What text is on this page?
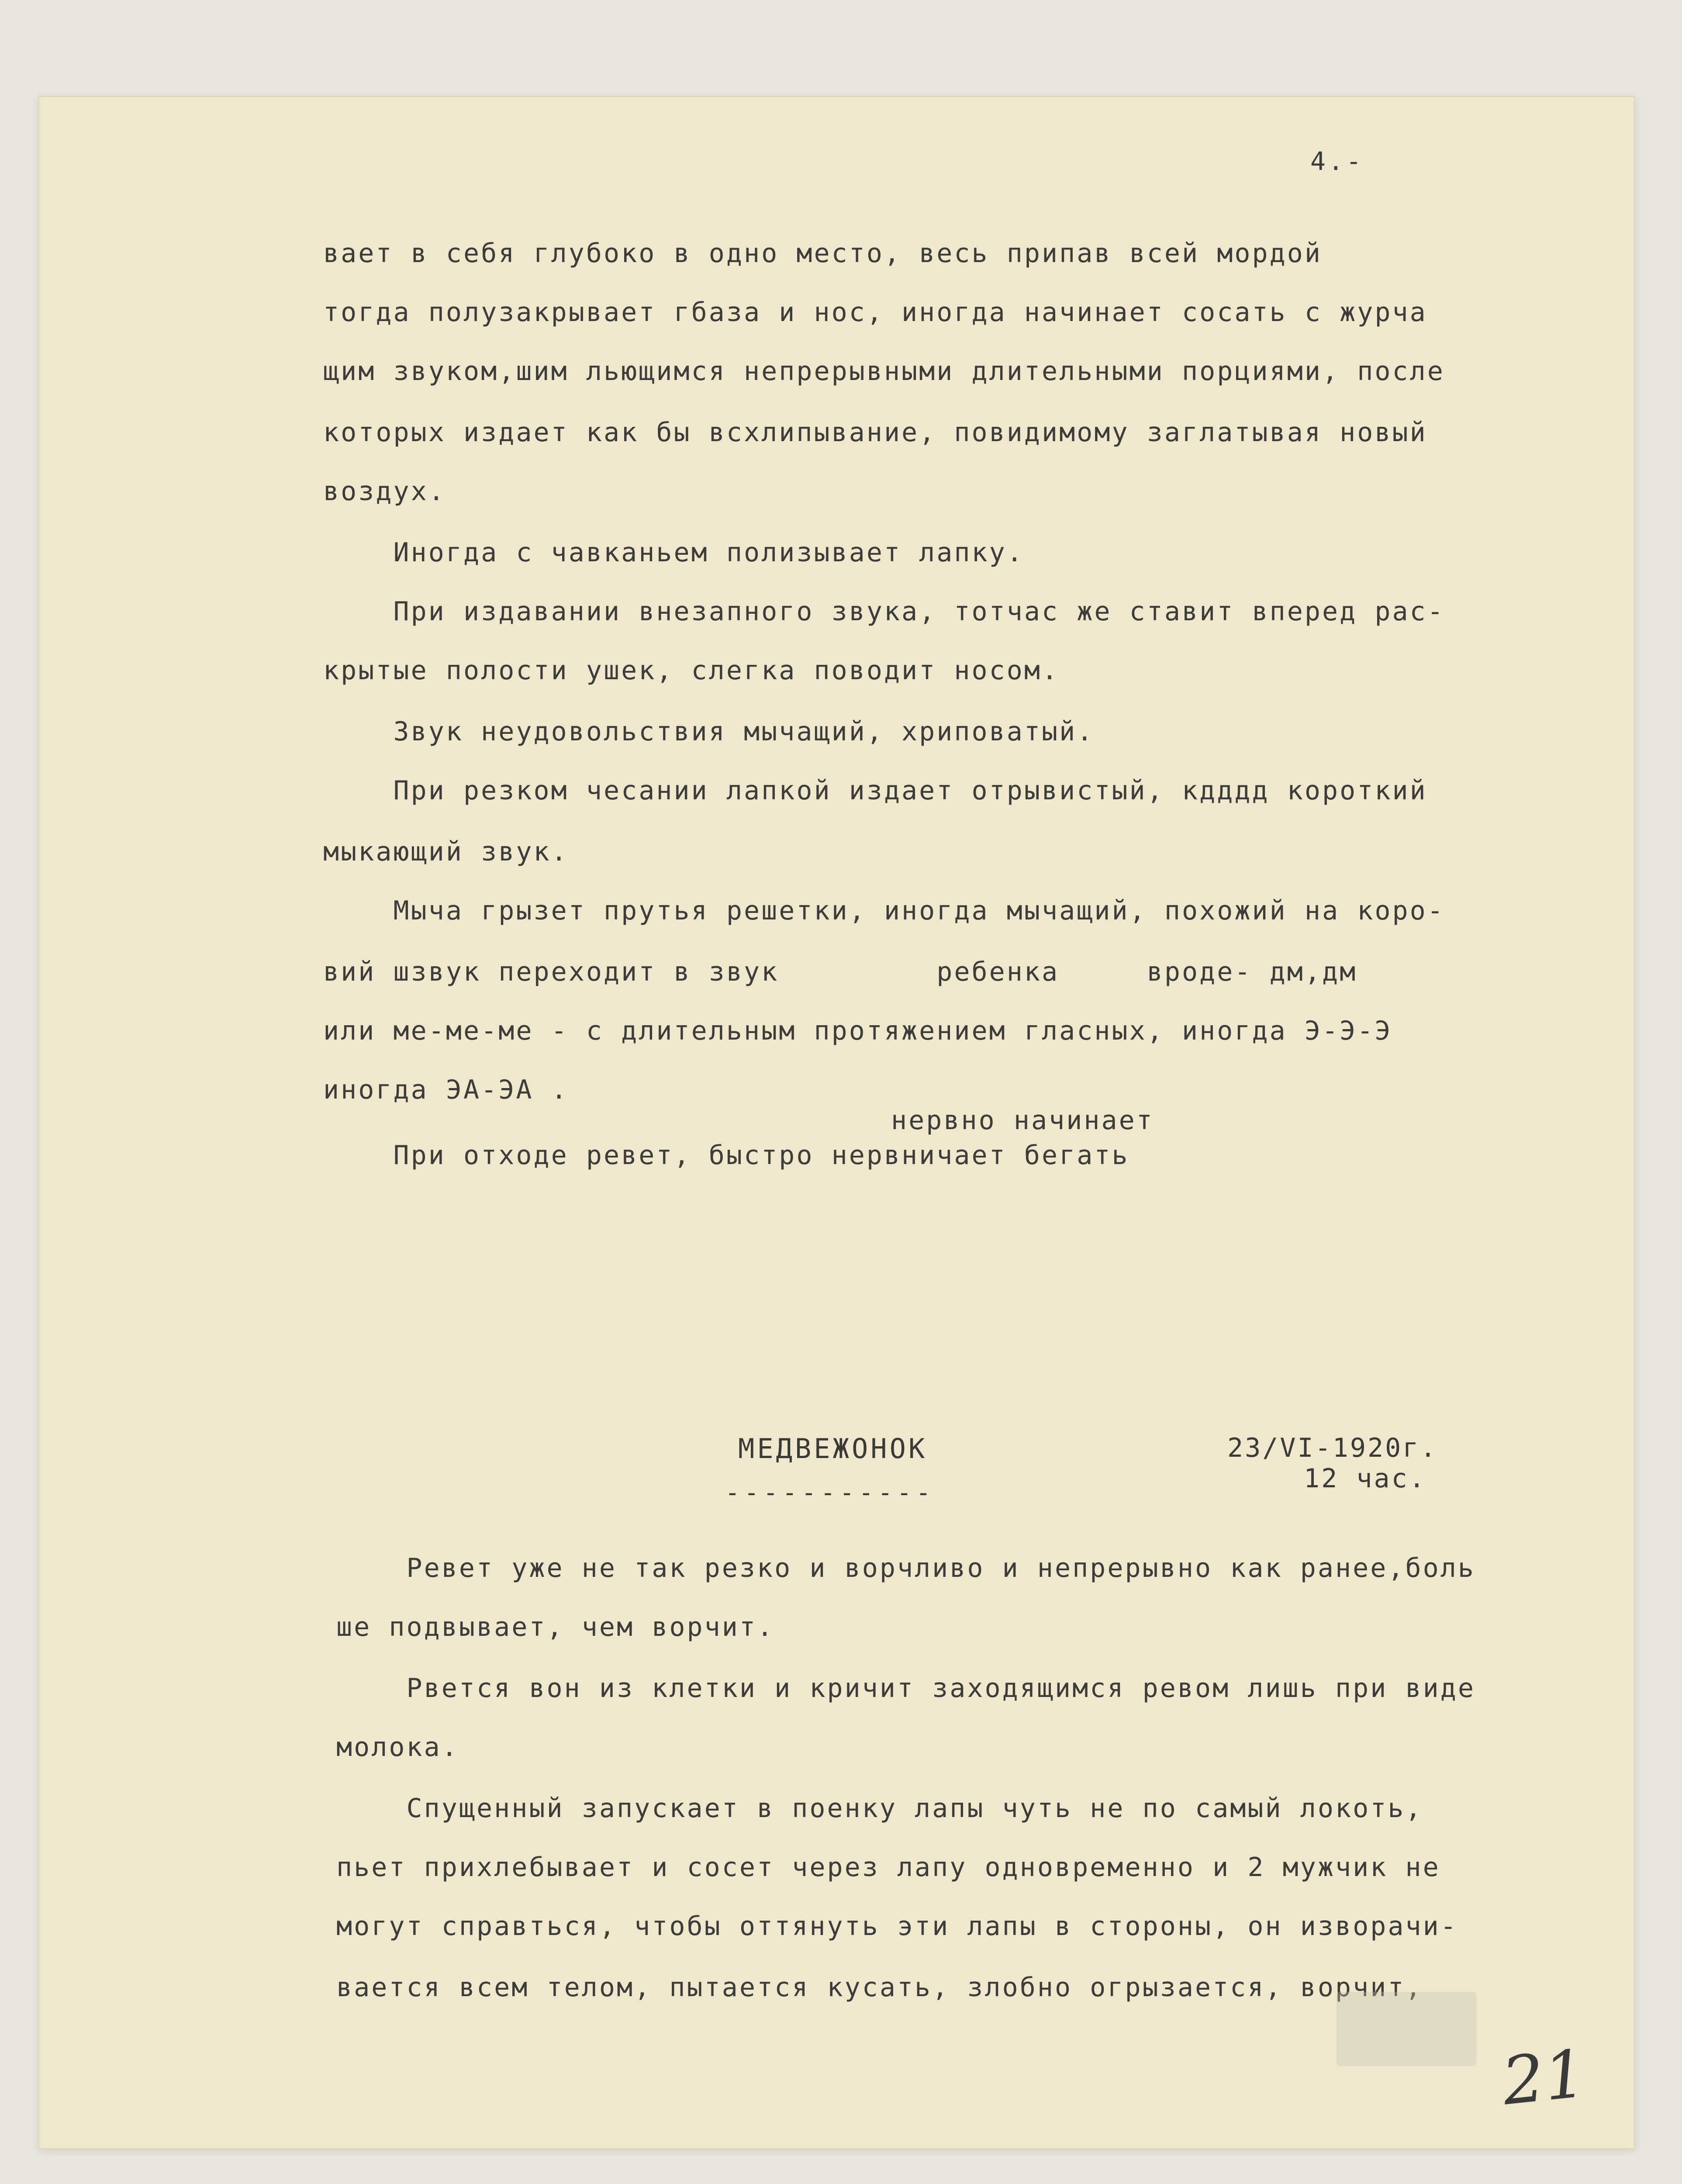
4.-
вает в себя глубоко в одно место, весь припав всей мордой
тогда полузакрывает гбаза и нос, иногда начинает сосать с журча
щим звуком,шим льющимся непрерывными длительными порциями, после
которых издает как бы всхлипывание, повидимому заглатывая новый
воздух.
Иногда с чавканьем полизывает лапку.
При издавании внезапного звука, тотчас же ставит вперед рас-
крытые полости ушек, слегка поводит носом.
Звук неудовольствия мычащий, хриповатый.
При резком чесании лапкой издает отрывистый, кдддд короткий
мыкающий звук.
Мыча грызет прутья решетки, иногда мычащий, похожий на коро-
вий шзвук переходит в звук         ребенка     вроде- дм,дм
или ме-ме-ме - с длительным протяжением гласных, иногда Э-Э-Э
иногда ЭА-ЭА .
нервно начинает
При отходе ревет, быстро нервничает бегать
МЕДВЕЖОНОК
-----------
23/VI-1920г.
12 час.
Ревет уже не так резко и ворчливо и непрерывно как ранее,боль
ше подвывает, чем ворчит.
Рвется вон из клетки и кричит заходящимся ревом лишь при виде
молока.
Спущенный запускает в поенку лапы чуть не по самый локоть,
пьет прихлебывает и сосет через лапу одновременно и 2 мужчик не
могут справться, чтобы оттянуть эти лапы в стороны, он изворачи-
вается всем телом, пытается кусать, злобно огрызается, ворчит,
21
